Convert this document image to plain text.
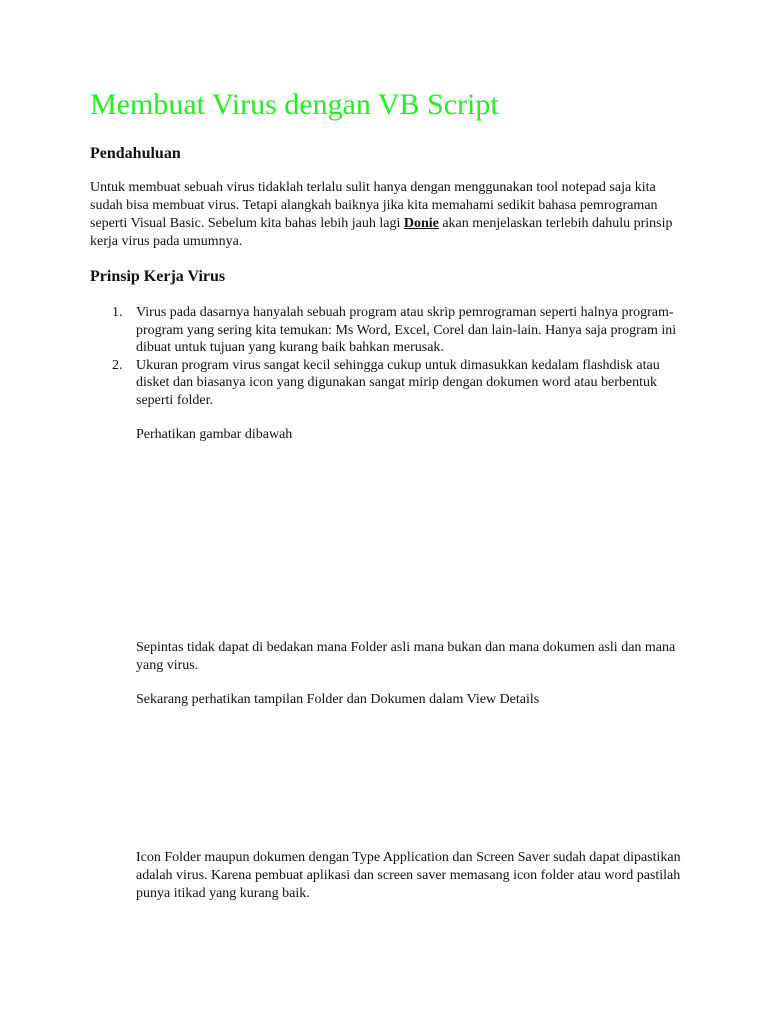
Membuat Virus dengan VB Script
Pendahuluan

Untuk membuat sebuah virus tidaklah terlalu sulit hanya dengan menggunakan tool notepad saja kita sudah bisa membuat virus. Tetapi alangkah baiknya jika kita memahami sedikit bahasa pemrograman seperti Visual Basic. Sebelum kita bahas lebih jauh lagi Donie akan menjelaskan terlebih dahulu prinsip kerja virus pada umumnya.

Prinsip Kerja Virus
1. Virus pada dasarnya hanyalah sebuah program atau skrip pemrograman seperti halnya program-program yang sering kita temukan: Ms Word, Excel, Corel dan lain-lain. Hanya saja program ini dibuat untuk tujuan yang kurang baik bahkan merusak.
2. Ukuran program virus sangat kecil sehingga cukup untuk dimasukkan kedalam flashdisk atau disket dan biasanya icon yang digunakan sangat mirip dengan dokumen word atau berbentuk seperti folder.

Perhatikan gambar dibawah

Sepintas tidak dapat di bedakan mana Folder asli mana bukan dan mana dokumen asli dan mana yang virus.

Sekarang perhatikan tampilan Folder dan Dokumen dalam View Details

Icon Folder maupun dokumen dengan Type Application dan Screen Saver sudah dapat dipastikan adalah virus. Karena pembuat aplikasi dan screen saver memasang icon folder atau word pastilah punya itikad yang kurang baik.
